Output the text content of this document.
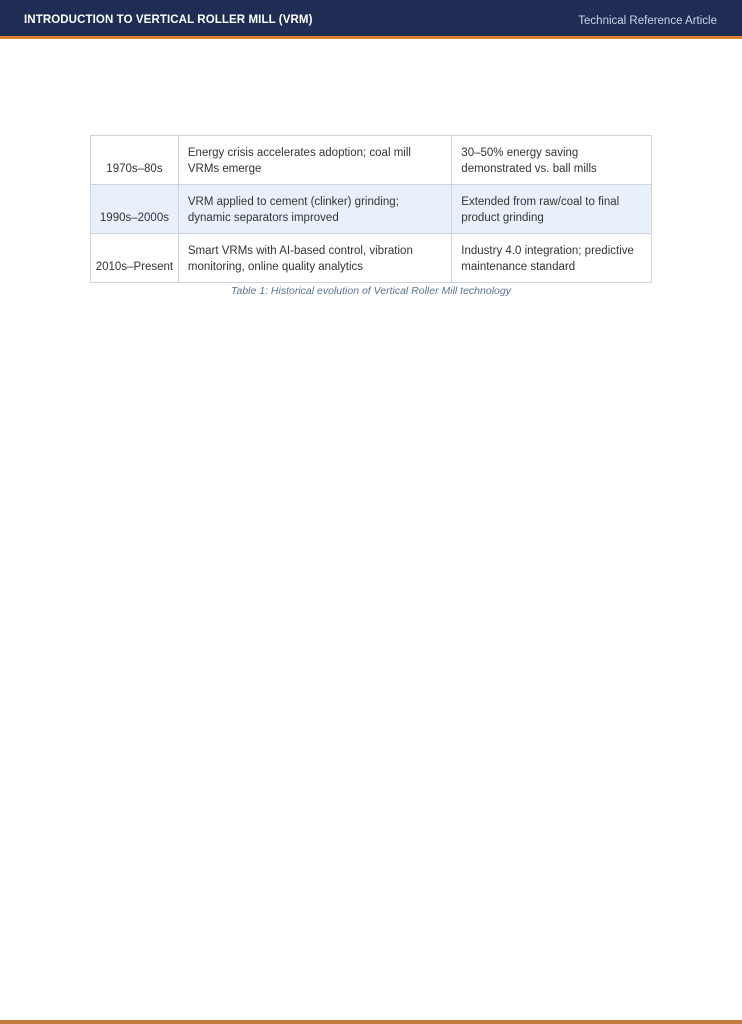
INTRODUCTION TO VERTICAL ROLLER MILL (VRM)	Technical Reference Article
1970s–80s	Energy crisis accelerates adoption; coal mill VRMs emerge	30–50% energy saving demonstrated vs. ball mills
1990s–2000s	VRM applied to cement (clinker) grinding; dynamic separators improved	Extended from raw/coal to final product grinding
2010s–Present	Smart VRMs with AI-based control, vibration monitoring, online quality analytics	Industry 4.0 integration; predictive maintenance standard
Table 1: Historical evolution of Vertical Roller Mill technology
